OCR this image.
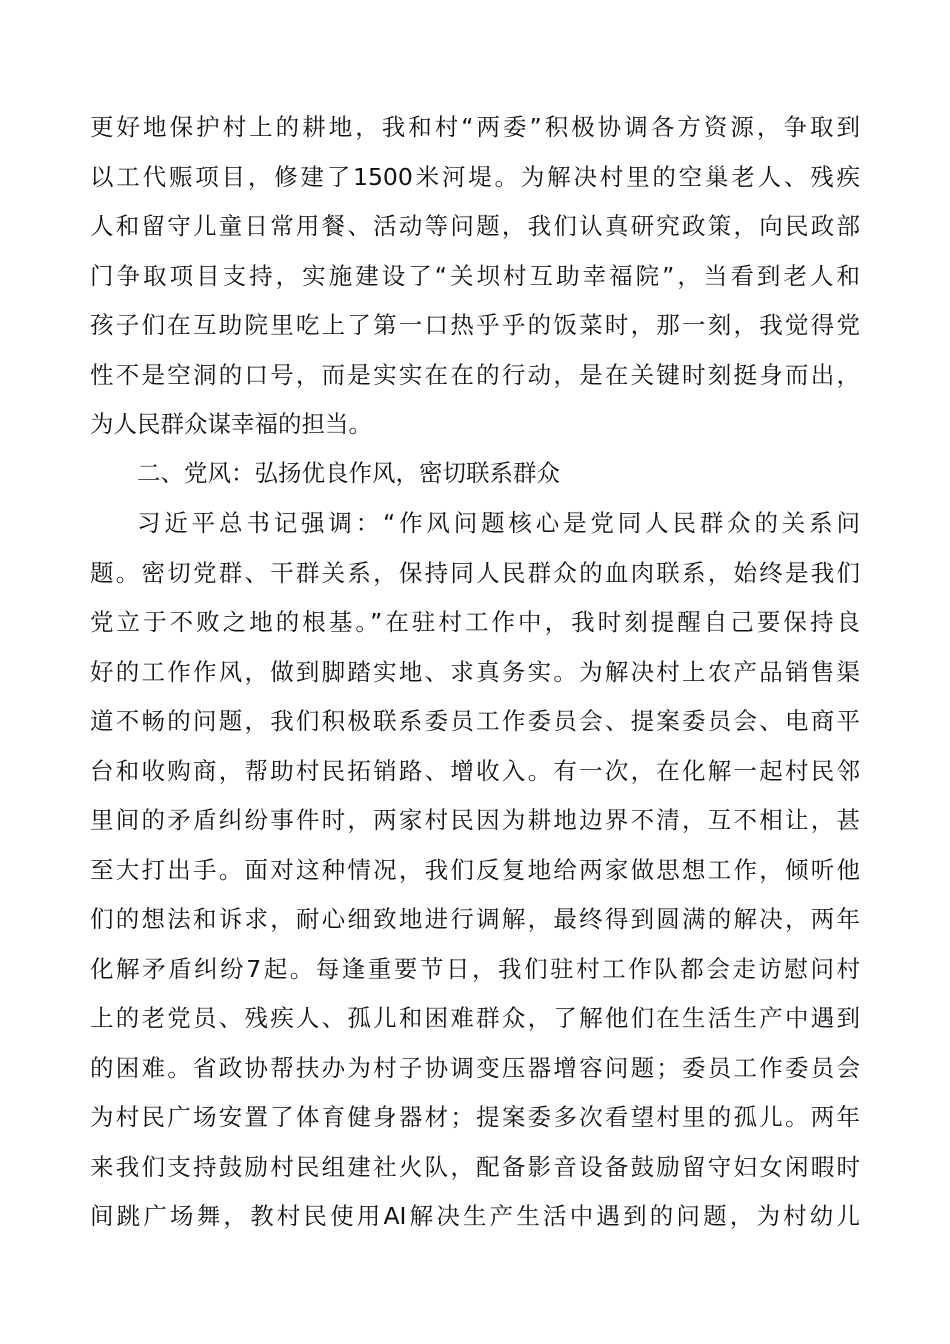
更好地保护村上的耕地，我和村“两委”积极协调各方资源，争取到
以工代赈项目，修建了1500米河堤。为解决村里的空巢老人、残疾
人和留守儿童日常用餐、活动等问题，我们认真研究政策，向民政部
门争取项目支持，实施建设了“关坝村互助幸福院”，当看到老人和
孩子们在互助院里吃上了第一口热乎乎的饭菜时，那一刻，我觉得党
性不是空洞的口号，而是实实在在的行动，是在关键时刻挺身而出，
为人民群众谋幸福的担当。
二、党风：弘扬优良作风，密切联系群众
习近平总书记强调：“作风问题核心是党同人民群众的关系问
题。密切党群、干群关系，保持同人民群众的血肉联系，始终是我们
党立于不败之地的根基。”在驻村工作中，我时刻提醒自己要保持良
好的工作作风，做到脚踏实地、求真务实。为解决村上农产品销售渠
道不畅的问题，我们积极联系委员工作委员会、提案委员会、电商平
台和收购商，帮助村民拓销路、增收入。有一次，在化解一起村民邻
里间的矛盾纠纷事件时，两家村民因为耕地边界不清，互不相让，甚
至大打出手。面对这种情况，我们反复地给两家做思想工作，倾听他
们的想法和诉求，耐心细致地进行调解，最终得到圆满的解决，两年
化解矛盾纠纷7起。每逢重要节日，我们驻村工作队都会走访慰问村
上的老党员、残疾人、孤儿和困难群众，了解他们在生活生产中遇到
的困难。省政协帮扶办为村子协调变压器增容问题；委员工作委员会
为村民广场安置了体育健身器材；提案委多次看望村里的孤儿。两年
来我们支持鼓励村民组建社火队，配备影音设备鼓励留守妇女闲暇时
间跳广场舞，教村民使用AI解决生产生活中遇到的问题，为村幼儿
